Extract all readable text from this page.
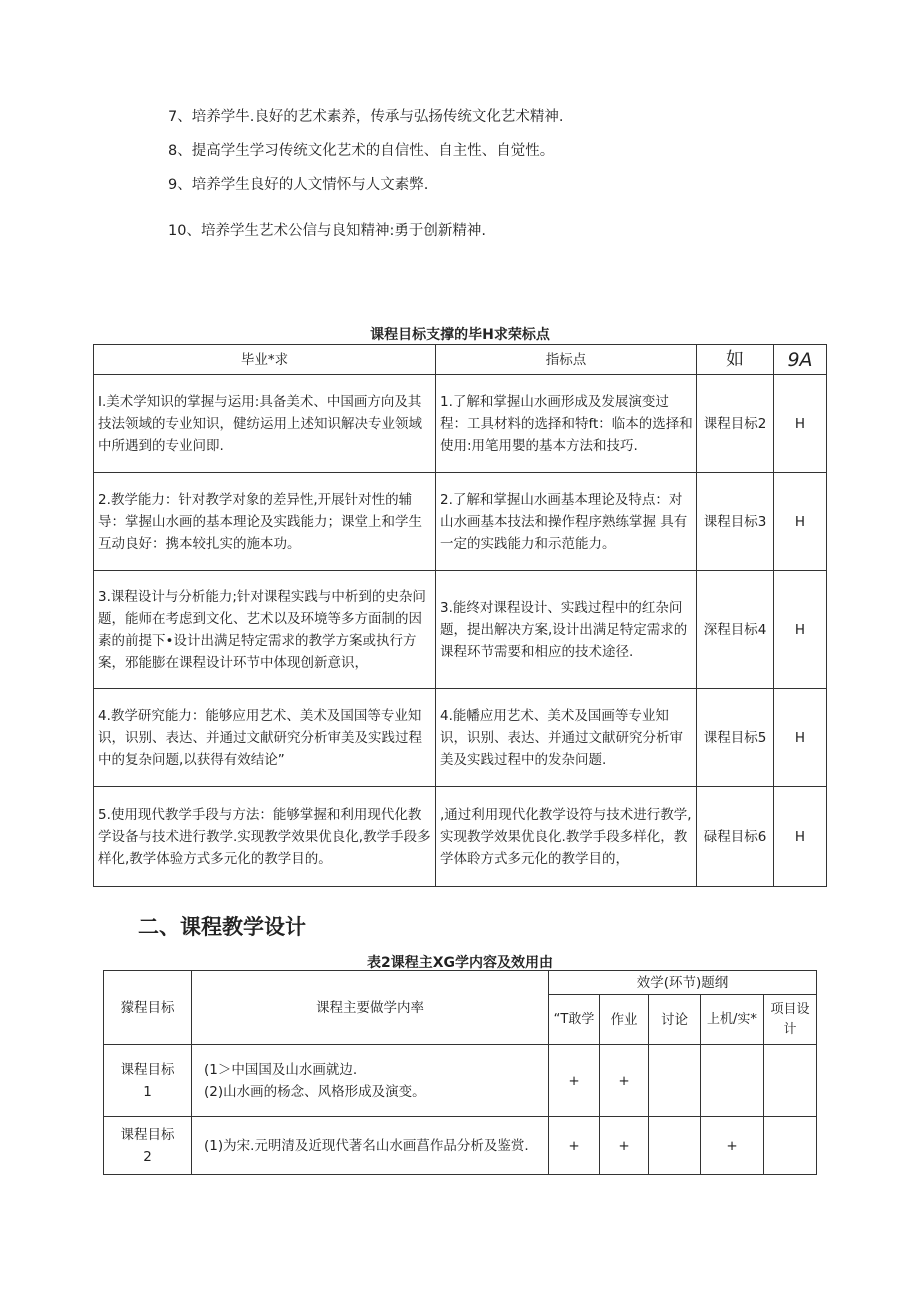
7、培养学牛.良好的艺术素养，传承与弘扬传统文化艺术精神.
8、提高学生学习传统文化艺术的自信性、自主性、自觉性。
9、培养学生良好的人文情怀与人文素弊.
10、培养学生艺术公信与良知精神:勇于创新精神.
课程目标支撑的毕H求荣标点
毕业*求	指标点	如	9A
I.美术学知识的掌握与运用:具备美术、中国画方向及其技法领域的专业知识，健纺运用上述知识解决专业领域中所遇到的专业问即.	1.了解和掌握山水画形成及发展演变过程：工具材料的选择和特ft：临本的选择和使用:用笔用嬰的基本方法和技巧.	课程目标2	H
2.教学能力：针对教学对象的差异性,开展针对性的辅导：掌握山水画的基本理论及实践能力；课堂上和学生互动良好：携本较扎实的施本功。	2.了解和掌握山水画基本理论及特点：对山水画基本技法和操作程序熟练掌握 具有一定的实践能力和示范能力。	课程目标3	H
3.课程设计与分析能力;针对课程实践与中析到的史杂问题，能师在考虑到文化、艺术以及环境等多方面制的因素的前提下•设计出满足特定需求的教学方案或执行方案，邪能膨在课程设计环节中体现创新意识，	3.能终对课程设计、实践过程中的红杂问题，提出解决方案,设计出满足特定需求的课程环节需要和相应的技术途径.	深程目标4	H
4.教学研究能力：能够应用艺术、美术及国国等专业知识，识别、表达、并通过文献研究分析审美及实践过程中的复杂问题,以获得有效结论”	4.能幡应用艺术、美术及国画等专业知识，识别、表达、并通过文献研究分析审美及实践过程中的发杂问题.	课程目标5	H
5.使用现代教学手段与方法：能够掌握和利用现代化教学设备与技术进行教学.实现教学效果优良化,教学手段多样化,教学体验方式多元化的教学目的。	,通过利用现代化教学设符与技术进行教学,实现教学效果优良化.教学手段多样化，教学体聆方式多元化的教学目的，	碌程目标6	H
二、课程教学设计
表2课程主XG学内容及效用由
獴程目标	课程主要做学内率	效学(环节)题纲				
		“T敢学	作业	讨论	上机/实*	项目设计
课程目标1	(1＞中国国及山水画就边.
(2)山水画的杨念、风格形成及演变。	+	+			
课程目标2	(1)为宋.元明清及近现代著名山水画菖作品分析及鉴赏.	+	+		+	
